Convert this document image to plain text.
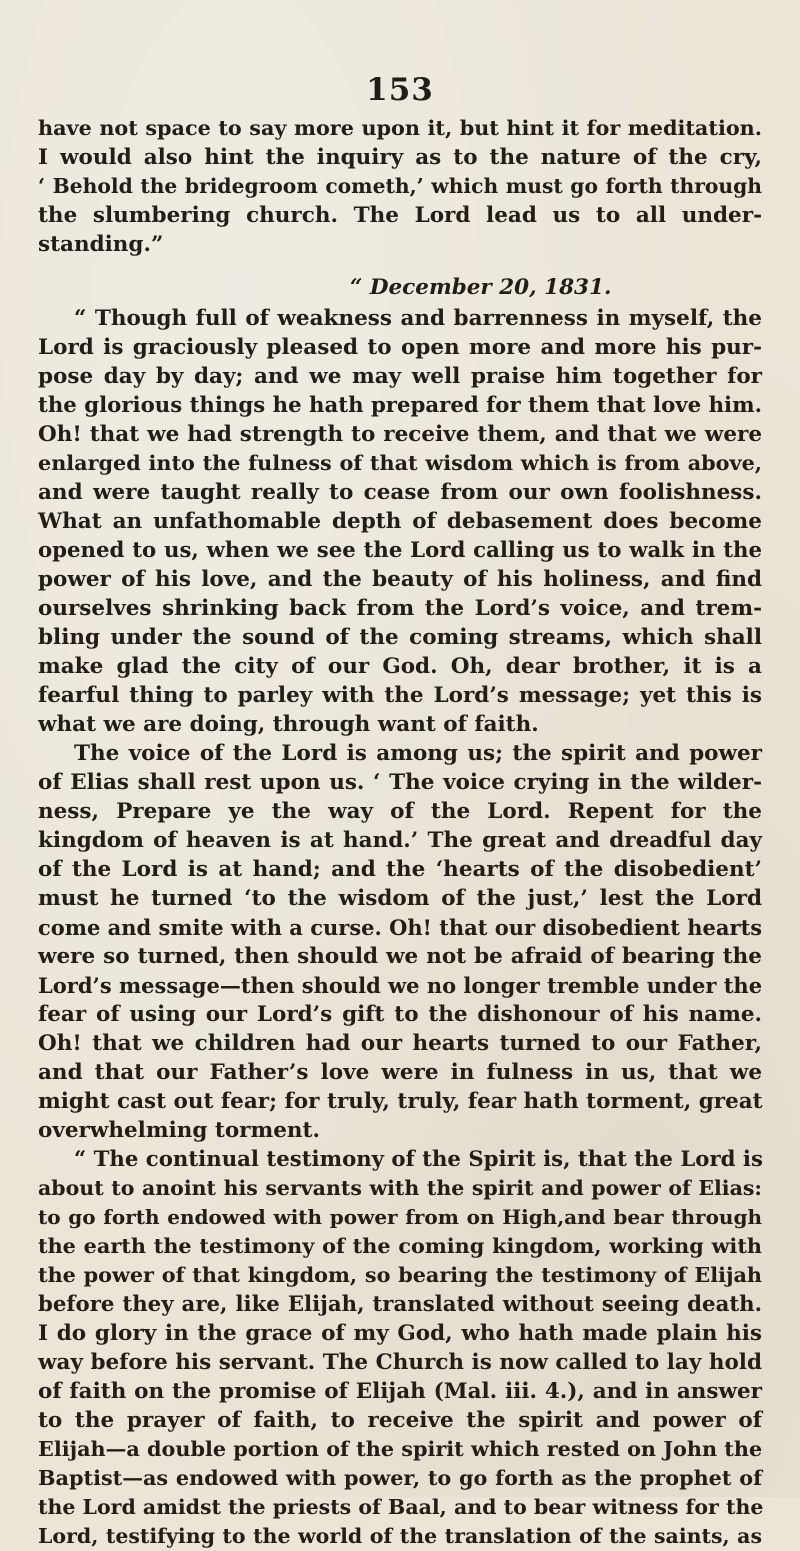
153
have not space to say more upon it, but hint it for meditation.
I would also hint the inquiry as to the nature of the cry,
‘ Behold the bridegroom cometh,’ which must go forth through
the slumbering church. The Lord lead us to all under-
standing.”
“ December 20, 1831.
“ Though full of weakness and barrenness in myself, the
Lord is graciously pleased to open more and more his pur-
pose day by day; and we may well praise him together for
the glorious things he hath prepared for them that love him.
Oh! that we had strength to receive them, and that we were
enlarged into the fulness of that wisdom which is from above,
and were taught really to cease from our own foolishness.
What an unfathomable depth of debasement does become
opened to us, when we see the Lord calling us to walk in the
power of his love, and the beauty of his holiness, and find
ourselves shrinking back from the Lord’s voice, and trem-
bling under the sound of the coming streams, which shall
make glad the city of our God. Oh, dear brother, it is a
fearful thing to parley with the Lord’s message; yet this is
what we are doing, through want of faith.
The voice of the Lord is among us; the spirit and power
of Elias shall rest upon us. ‘ The voice crying in the wilder-
ness, Prepare ye the way of the Lord. Repent for the
kingdom of heaven is at hand.’ The great and dreadful day
of the Lord is at hand; and the ‘hearts of the disobedient’
must he turned ‘to the wisdom of the just,’ lest the Lord
come and smite with a curse. Oh! that our disobedient hearts
were so turned, then should we not be afraid of bearing the
Lord’s message—then should we no longer tremble under the
fear of using our Lord’s gift to the dishonour of his name.
Oh! that we children had our hearts turned to our Father,
and that our Father’s love were in fulness in us, that we
might cast out fear; for truly, truly, fear hath torment, great
overwhelming torment.
“ The continual testimony of the Spirit is, that the Lord is
about to anoint his servants with the spirit and power of Elias:
to go forth endowed with power from on High,and bear through
the earth the testimony of the coming kingdom, working with
the power of that kingdom, so bearing the testimony of Elijah
before they are, like Elijah, translated without seeing death.
I do glory in the grace of my God, who hath made plain his
way before his servant. The Church is now called to lay hold
of faith on the promise of Elijah (Mal. iii. 4.), and in answer
to the prayer of faith, to receive the spirit and power of
Elijah—a double portion of the spirit which rested on John the
Baptist—as endowed with power, to go forth as the prophet of
the Lord amidst the priests of Baal, and to bear witness for the
Lord, testifying to the world of the translation of the saints, as
